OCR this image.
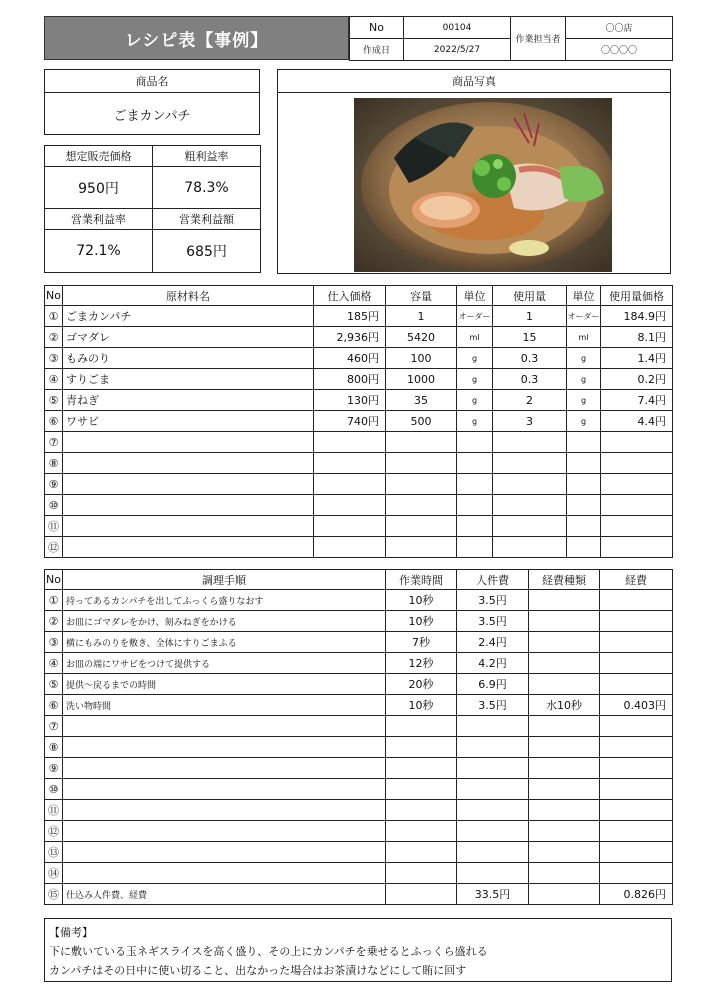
レシピ表【事例】
No	00104	作業担当者	〇〇店
作成日	2022/5/27		〇〇〇〇
商品名
ごまカンパチ
想定販売価格	粗利益率
950円	78.3%
営業利益率	営業利益額
72.1%	685円
商品写真
No	原材料名	仕入価格	容量	単位	使用量	単位	使用量価格
①	ごまカンパチ	185円	1	オーダー	1	オーダー	184.9円
②	ゴマダレ	2,936円	5420	ml	15	ml	8.1円
③	もみのり	460円	100	g	0.3	g	1.4円
④	すりごま	800円	1000	g	0.3	g	0.2円
⑤	青ねぎ	130円	35	g	2	g	7.4円
⑥	ワサビ	740円	500	g	3	g	4.4円
⑦							
⑧							
⑨							
⑩							
⑪							
⑫							
No	調理手順	作業時間	人件費	経費種類	経費
①	持ってあるカンパチを出してふっくら盛りなおす	10秒	3.5円		
②	お皿にゴマダレをかけ、刻みねぎをかける	10秒	3.5円		
③	横にもみのりを敷き、全体にすりごまふる	7秒	2.4円		
④	お皿の端にワサビをつけて提供する	12秒	4.2円		
⑤	提供～戻るまでの時間	20秒	6.9円		
⑥	洗い物時間	10秒	3.5円	水10秒	0.403円
⑦					
⑧					
⑨					
⑩					
⑪					
⑫					
⑬					
⑭					
⑮	仕込み人件費、経費		33.5円		0.826円
【備考】
下に敷いている玉ネギスライスを高く盛り、その上にカンパチを乗せるとふっくら盛れる
カンパチはその日中に使い切ること、出なかった場合はお茶漬けなどにして賄に回す
